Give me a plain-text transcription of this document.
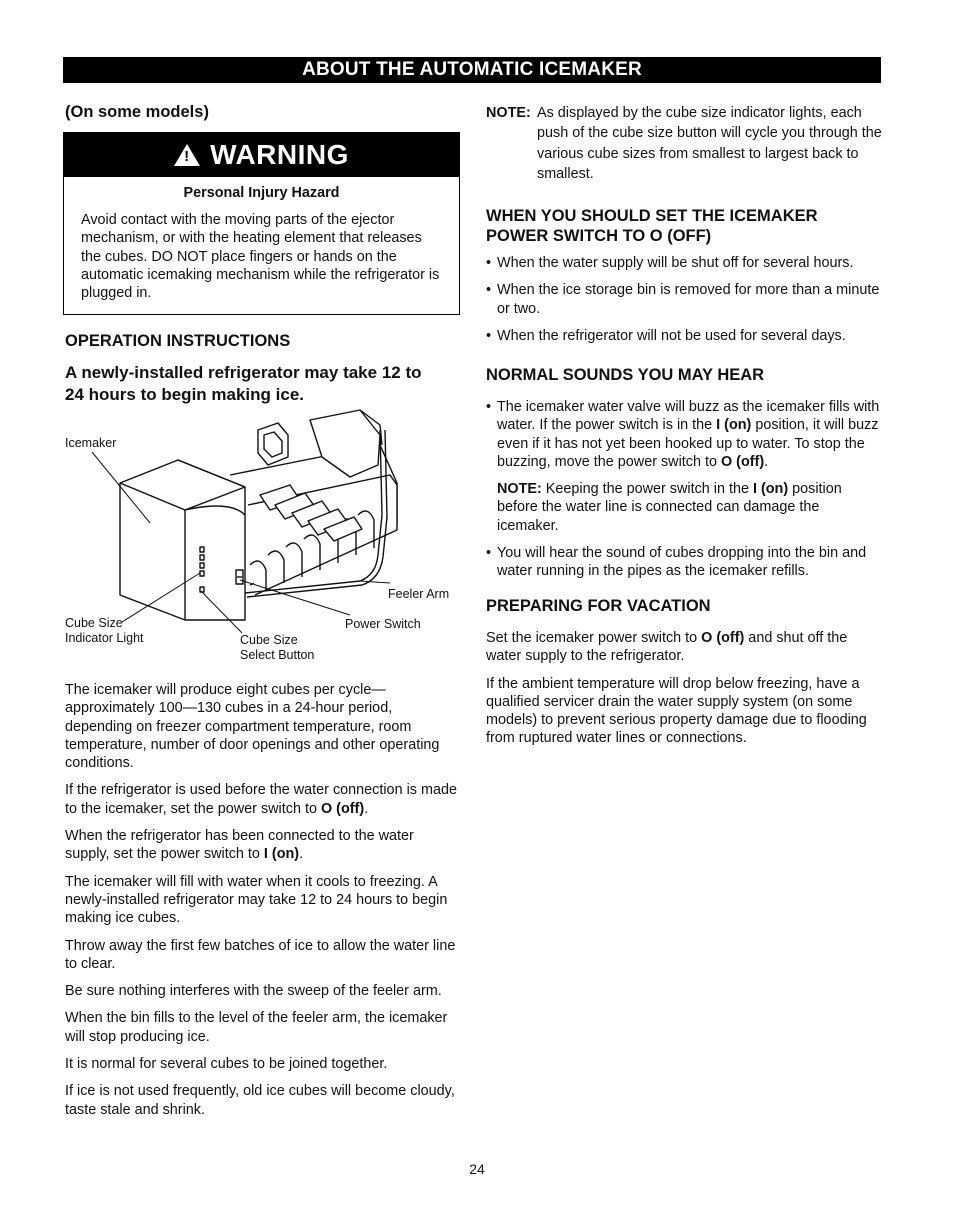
ABOUT THE AUTOMATIC ICEMAKER
(On some models)
! WARNING
Personal Injury Hazard
Avoid contact with the moving parts of the ejector mechanism, or with the heating element that releases the cubes. DO NOT place fingers or hands on the automatic icemaking mechanism while the refrigerator is plugged in.
OPERATION INSTRUCTIONS
A newly-installed refrigerator may take 12 to
24 hours to begin making ice.
Icemaker
Feeler Arm
Power Switch
Cube Size
Indicator Light	Cube Size
Select Button

The icemaker will produce eight cubes per cycle—approximately 100—130 cubes in a 24-hour period, depending on freezer compartment temperature, room temperature, number of door openings and other operating conditions.

If the refrigerator is used before the water connection is made to the icemaker, set the power switch to O (off).

When the refrigerator has been connected to the water supply, set the power switch to I (on).

The icemaker will fill with water when it cools to freezing. A newly-installed refrigerator may take 12 to 24 hours to begin making ice cubes.

Throw away the first few batches of ice to allow the water line to clear.

Be sure nothing interferes with the sweep of the feeler arm.

When the bin fills to the level of the feeler arm, the icemaker will stop producing ice.

It is normal for several cubes to be joined together.

If ice is not used frequently, old ice cubes will become cloudy, taste stale and shrink.

NOTE: As displayed by the cube size indicator lights, each push of the cube size button will cycle you through the various cube sizes from smallest to largest back to smallest.

WHEN YOU SHOULD SET THE ICEMAKER
POWER SWITCH TO O (OFF)
• When the water supply will be shut off for several hours.
• When the ice storage bin is removed for more than a minute or two.
• When the refrigerator will not be used for several days.
NORMAL SOUNDS YOU MAY HEAR
• The icemaker water valve will buzz as the icemaker fills with water. If the power switch is in the I (on) position, it will buzz even if it has not yet been hooked up to water. To stop the buzzing, move the power switch to O (off).

NOTE: Keeping the power switch in the I (on) position before the water line is connected can damage the icemaker.

• You will hear the sound of cubes dropping into the bin and water running in the pipes as the icemaker refills.
PREPARING FOR VACATION

Set the icemaker power switch to O (off) and shut off the water supply to the refrigerator.

If the ambient temperature will drop below freezing, have a qualified servicer drain the water supply system (on some models) to prevent serious property damage due to flooding from ruptured water lines or connections.

24
